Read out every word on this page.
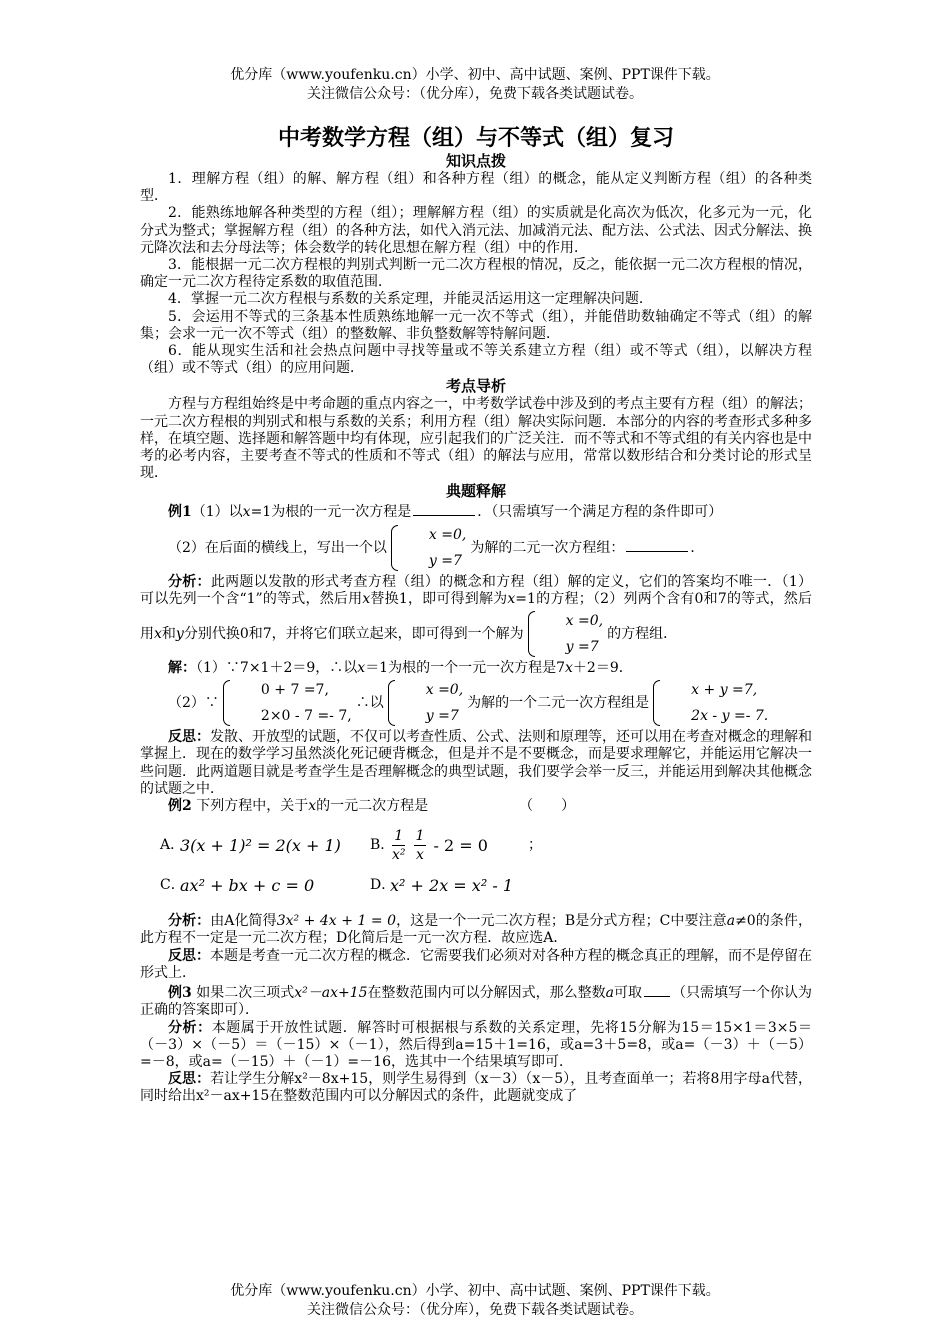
优分库（www.youfenku.cn）小学、初中、高中试题、案例、PPT课件下载。
关注微信公众号：（优分库），免费下载各类试题试卷。
中考数学方程（组）与不等式（组）复习
知识点拨

1．理解方程（组）的解、解方程（组）和各种方程（组）的概念，能从定义判断方程（组）的各种类型．

2．能熟练地解各种类型的方程（组）；理解解方程（组）的实质就是化高次为低次，化多元为一元，化分式为整式；掌握解方程（组）的各种方法，如代入消元法、加减消元法、配方法、公式法、因式分解法、换元降次法和去分母法等；体会数学的转化思想在解方程（组）中的作用．

3．能根据一元二次方程根的判别式判断一元二次方程根的情况，反之，能依据一元二次方程根的情况，确定一元二次方程待定系数的取值范围．

4．掌握一元二次方程根与系数的关系定理，并能灵活运用这一定理解决问题．

5．会运用不等式的三条基本性质熟练地解一元一次不等式（组），并能借助数轴确定不等式（组）的解集；会求一元一次不等式（组）的整数解、非负整数解等特解问题．

6．能从现实生活和社会热点问题中寻找等量或不等关系建立方程（组）或不等式（组），以解决方程（组）或不等式（组）的应用问题．

考点导析

方程与方程组始终是中考命题的重点内容之一，中考数学试卷中涉及到的考点主要有方程（组）的解法；一元二次方程根的判别式和根与系数的关系；利用方程（组）解决实际问题．本部分的内容的考查形式多种多样，在填空题、选择题和解答题中均有体现，应引起我们的广泛关注．而不等式和不等式组的有关内容也是中考的必考内容，主要考查不等式的性质和不等式（组）的解法与应用，常常以数形结合和分类讨论的形式呈现．

典题释解

例1（1）以x=1为根的一元一次方程是	．（只需填写一个满足方程的条件即可）

（2）在后面的横线上，写出一个以
x =0,
y =7
为解的二元一次方程组：	．

分析：此两题以发散的形式考查方程（组）的概念和方程（组）解的定义，它们的答案均不唯一．（1）可以先列一个含“1”的等式，然后用x替换1，即可得到解为x=1的方程；（2）列两个含有0和7的等式，然后用x和y分别代换0和7，并将它们联立起来，即可得到一个解为
x =0,
y =7
的方程组．

解：（1）∵7×1＋2＝9，∴以x＝1为根的一个一元一次方程是7x＋2＝9．

（2）∵
0 + 7 =7,
2×0 - 7 =- 7,
∴以
x =0,
y =7
为解的一个二元一次方程组是
x + y =7,
2x - y =- 7.

反思：发散、开放型的试题，不仅可以考查性质、公式、法则和原理等，还可以用在考查对概念的理解和掌握上．现在的数学学习虽然淡化死记硬背概念，但是并不是不要概念，而是要求理解它，并能运用它解决一些问题．此两道题目就是考查学生是否理解概念的典型试题，我们要学会举一反三，并能运用到解决其他概念的试题之中．

例2 下列方程中，关于x的一元二次方程是　　　　　　　	（　　）

A．
3(x + 1)² = 2(x + 1) B．
$\frac{1}{\text{x²}} \frac{1}{x} - 2 = 0$	；
C．
ax² + bx + c = 0	D．
x² + 2x = x² - 1

分析：由A化简得3x² + 4x + 1 = 0，这是一个一元二次方程；B是分式方程；C中要注意a≠0的条件，此方程不一定是一元二次方程；D化简后是一元一次方程．故应选A．

反思：本题是考查一元二次方程的概念．它需要我们必须对对各种方程的概念真正的理解，而不是停留在形式上．

例3 如果二次三项式x²－ax+15在整数范围内可以分解因式，那么整数a可取 （只需填写一个你认为正确的答案即可）．

分析：本题属于开放性试题．解答时可根据根与系数的关系定理，先将15分解为15＝15×1＝3×5＝（－3）×（－5）＝（－15）×（－1），然后得到a=15＋1=16，或a=3＋5=8，或a=（－3）＋（－5）=－8，或a=（－15）＋（－1）=－16，选其中一个结果填写即可．

反思：若让学生分解x²－8x+15，则学生易得到（x－3）（x－5），且考查面单一；若将8用字母a代替，同时给出x²－ax+15在整数范围内可以分解因式的条件，此题就变成了

优分库（www.youfenku.cn）小学、初中、高中试题、案例、PPT课件下载。
关注微信公众号：（优分库），免费下载各类试题试卷。
